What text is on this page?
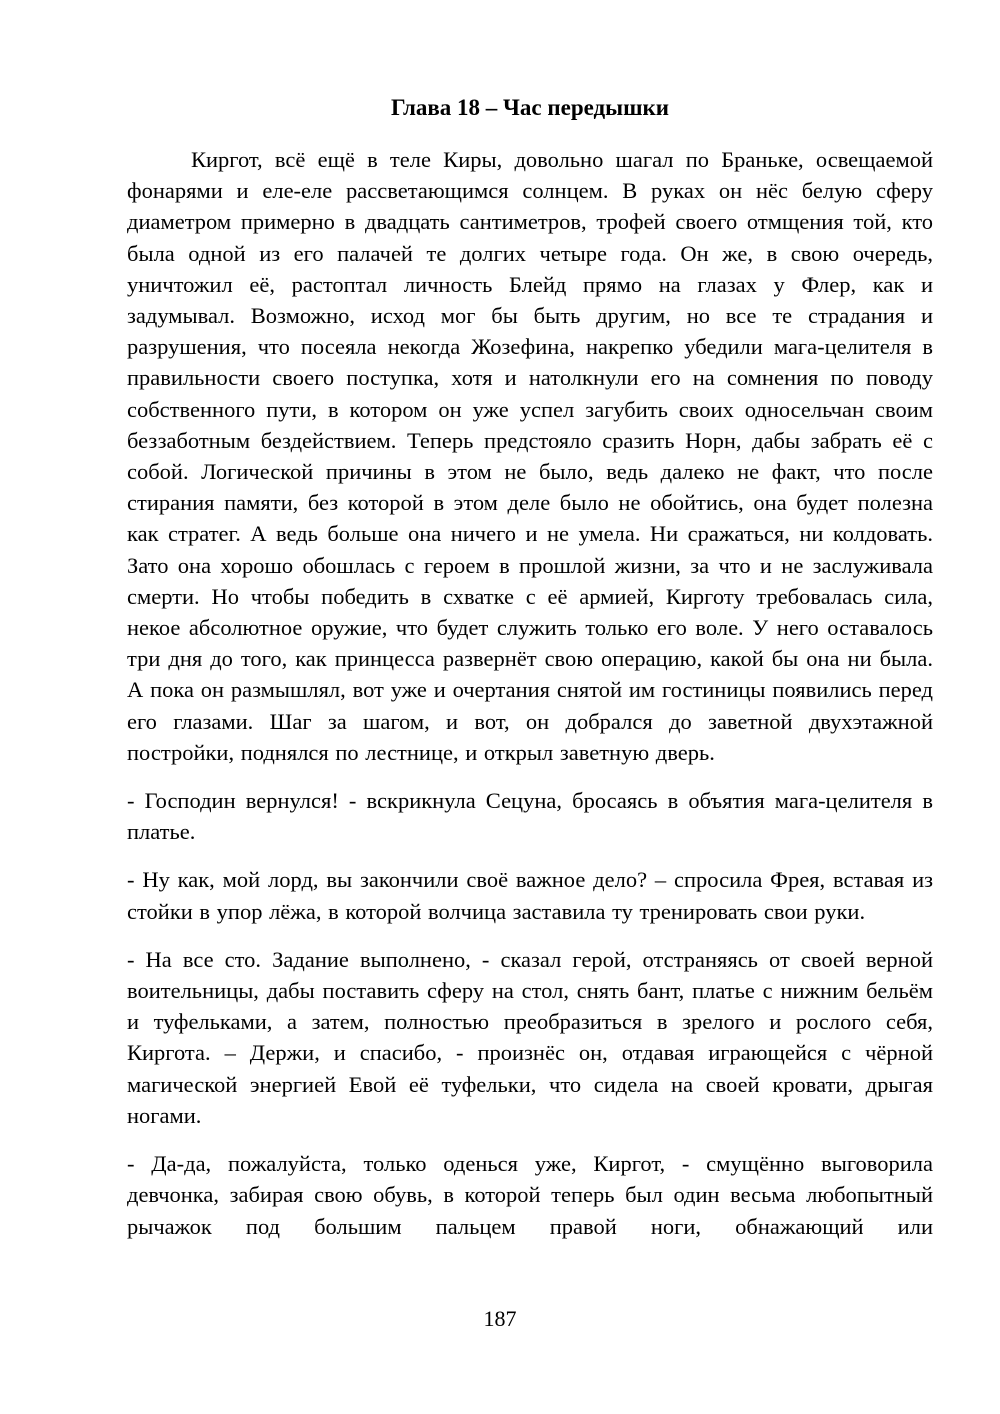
Глава 18 – Час передышки

Киргот, всё ещё в теле Киры, довольно шагал по Браньке, освещаемой фонарями и еле-еле рассветающимся солнцем. В руках он нёс белую сферу диаметром примерно в двадцать сантиметров, трофей своего отмщения той, кто была одной из его палачей те долгих четыре года. Он же, в свою очередь, уничтожил её, растоптал личность Блейд прямо на глазах у Флер, как и задумывал. Возможно, исход мог бы быть другим, но все те страдания и разрушения, что посеяла некогда Жозефина, накрепко убедили мага-целителя в правильности своего поступка, хотя и натолкнули его на сомнения по поводу собственного пути, в котором он уже успел загубить своих односельчан своим беззаботным бездействием. Теперь предстояло сразить Норн, дабы забрать её с собой. Логической причины в этом не было, ведь далеко не факт, что после стирания памяти, без которой в этом деле было не обойтись, она будет полезна как стратег. А ведь больше она ничего и не умела. Ни сражаться, ни колдовать. Зато она хорошо обошлась с героем в прошлой жизни, за что и не заслуживала смерти. Но чтобы победить в схватке с её армией, Кирготу требовалась сила, некое абсолютное оружие, что будет служить только его воле. У него оставалось три дня до того, как принцесса развернёт свою операцию, какой бы она ни была. А пока он размышлял, вот уже и очертания снятой им гостиницы появились перед его глазами. Шаг за шагом, и вот, он добрался до заветной двухэтажной постройки, поднялся по лестнице, и открыл заветную дверь.

- Господин вернулся! - вскрикнула Сецуна, бросаясь в объятия мага-целителя в платье.

- Ну как, мой лорд, вы закончили своё важное дело? – спросила Фрея, вставая из стойки в упор лёжа, в которой волчица заставила ту тренировать свои руки.

- На все сто. Задание выполнено, - сказал герой, отстраняясь от своей верной воительницы, дабы поставить сферу на стол, снять бант, платье с нижним бельём и туфельками, а затем, полностью преобразиться в зрелого и рослого себя, Киргота. – Держи, и спасибо, - произнёс он, отдавая играющейся с чёрной магической энергией Евой её туфельки, что сидела на своей кровати, дрыгая ногами.

- Да-да, пожалуйста, только оденься уже, Киргот, - смущённо выговорила девчонка, забирая свою обувь, в которой теперь был один весьма любопытный рычажок под большим пальцем правой ноги, обнажающий или

187
